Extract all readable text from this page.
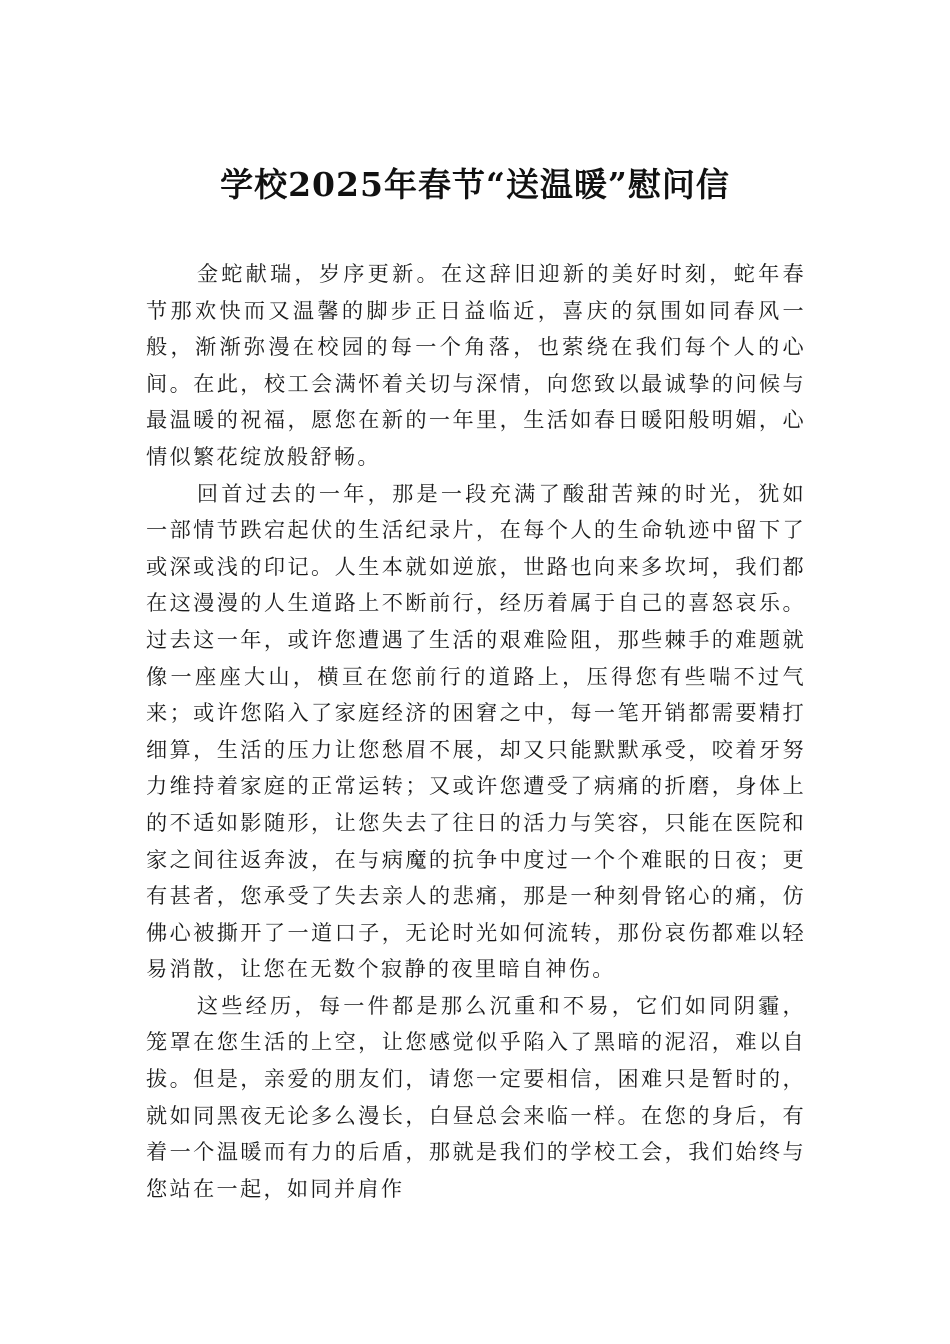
学校2025年春节“送温暖”慰问信

金蛇献瑞，岁序更新。在这辞旧迎新的美好时刻，蛇年春节那欢快而又温馨的脚步正日益临近，喜庆的氛围如同春风一般，渐渐弥漫在校园的每一个角落，也萦绕在我们每个人的心间。在此，校工会满怀着关切与深情，向您致以最诚挚的问候与最温暖的祝福，愿您在新的一年里，生活如春日暖阳般明媚，心情似繁花绽放般舒畅。

回首过去的一年，那是一段充满了酸甜苦辣的时光，犹如一部情节跌宕起伏的生活纪录片，在每个人的生命轨迹中留下了或深或浅的印记。人生本就如逆旅，世路也向来多坎坷，我们都在这漫漫的人生道路上不断前行，经历着属于自己的喜怒哀乐。过去这一年，或许您遭遇了生活的艰难险阻，那些棘手的难题就像一座座大山，横亘在您前行的道路上，压得您有些喘不过气来；或许您陷入了家庭经济的困窘之中，每一笔开销都需要精打细算，生活的压力让您愁眉不展，却又只能默默承受，咬着牙努力维持着家庭的正常运转；又或许您遭受了病痛的折磨，身体上的不适如影随形，让您失去了往日的活力与笑容，只能在医院和家之间往返奔波，在与病魔的抗争中度过一个个难眠的日夜；更有甚者，您承受了失去亲人的悲痛，那是一种刻骨铭心的痛，仿佛心被撕开了一道口子，无论时光如何流转，那份哀伤都难以轻易消散，让您在无数个寂静的夜里暗自神伤。

这些经历，每一件都是那么沉重和不易，它们如同阴霾，笼罩在您生活的上空，让您感觉似乎陷入了黑暗的泥沼，难以自拔。但是，亲爱的朋友们，请您一定要相信，困难只是暂时的，就如同黑夜无论多么漫长，白昼总会来临一样。在您的身后，有着一个温暖而有力的后盾，那就是我们的学校工会，我们始终与您站在一起，如同并肩作
